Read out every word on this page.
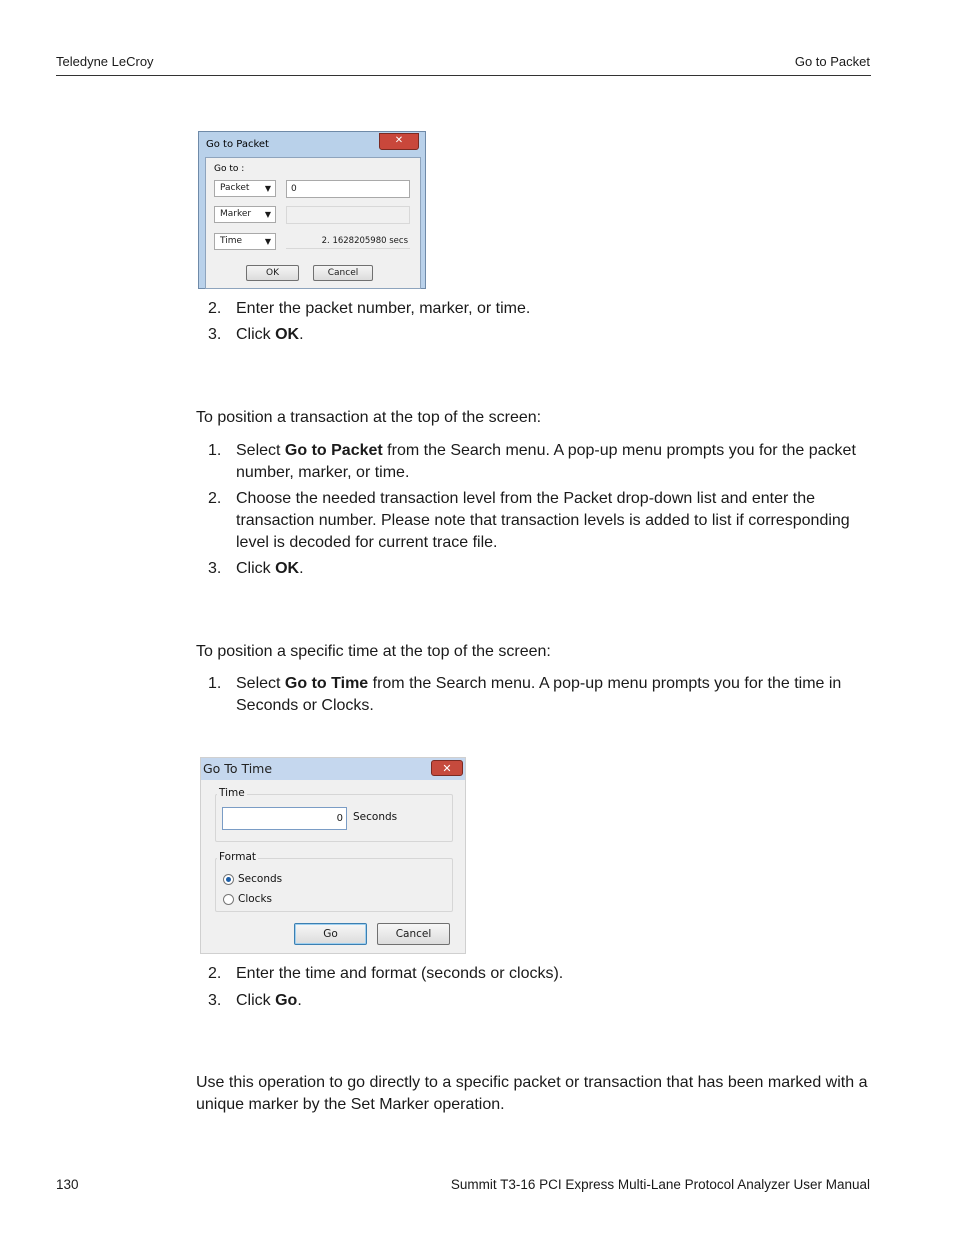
Teledyne LeCroy	Go to Packet
Go to Packet	✕
Go to :
Packet ▼	0
Marker ▼
Time	▼	2. 1628205980 secs
OK	Cancel
2. Enter the packet number, marker, or time.
3. Click OK.
To position a transaction at the top of the screen:
1. Select Go to Packet from the Search menu. A pop-up menu prompts you for the packet number, marker, or time.
2. Choose the needed transaction level from the Packet drop-down list and enter the transaction number. Please note that transaction levels is added to list if corresponding level is decoded for current trace file.
3. Click OK.
To position a specific time at the top of the screen:
1. Select Go to Time from the Search menu. A pop-up menu prompts you for the time in Seconds or Clocks.
Go To Time	✕
Time
0 Seconds
Format
Seconds
Clocks
Go	Cancel
2. Enter the time and format (seconds or clocks).
3. Click Go.
Use this operation to go directly to a specific packet or transaction that has been marked with a unique marker by the Set Marker operation.
130	Summit T3-16 PCI Express Multi-Lane Protocol Analyzer User Manual
